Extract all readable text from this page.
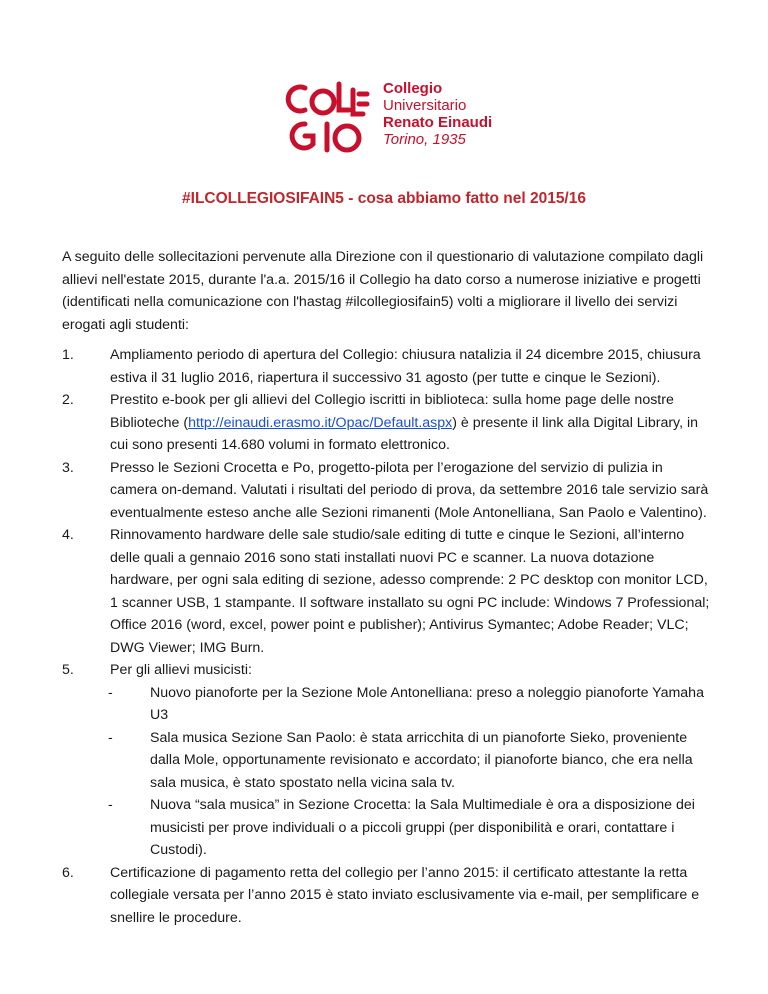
Collegio
Universitario
Renato Einaudi
Torino, 1935
#ILCOLLEGIOSIFAIN5 - cosa abbiamo fatto nel 2015/16

A seguito delle sollecitazioni pervenute alla Direzione con il questionario di valutazione compilato dagli allievi nell'estate 2015, durante l'a.a. 2015/16 il Collegio ha dato corso a numerose iniziative e progetti (identificati nella comunicazione con l'hastag #ilcollegiosifain5) volti a migliorare il livello dei servizi erogati agli studenti:

1.	Ampliamento periodo di apertura del Collegio: chiusura natalizia il 24 dicembre 2015, chiusura estiva il 31 luglio 2016, riapertura il successivo 31 agosto (per tutte e cinque le Sezioni).
2.	Prestito e-book per gli allievi del Collegio iscritti in biblioteca: sulla home page delle nostre Biblioteche (http://einaudi.erasmo.it/Opac/Default.aspx) è presente il link alla Digital Library, in cui sono presenti 14.680 volumi in formato elettronico.
3.	Presso le Sezioni Crocetta e Po, progetto-pilota per l’erogazione del servizio di pulizia in camera on-demand. Valutati i risultati del periodo di prova, da settembre 2016 tale servizio sarà eventualmente esteso anche alle Sezioni rimanenti (Mole Antonelliana, San Paolo e Valentino).
4.	Rinnovamento hardware delle sale studio/sale editing di tutte e cinque le Sezioni, all’interno delle quali a gennaio 2016 sono stati installati nuovi PC e scanner. La nuova dotazione hardware, per ogni sala editing di sezione, adesso comprende: 2 PC desktop con monitor LCD, 1 scanner USB, 1 stampante. Il software installato su ogni PC include: Windows 7 Professional; Office 2016 (word, excel, power point e publisher); Antivirus Symantec; Adobe Reader; VLC; DWG Viewer; IMG Burn.
5.	Per gli allievi musicisti:
-	Nuovo pianoforte per la Sezione Mole Antonelliana: preso a noleggio pianoforte Yamaha U3
-	Sala musica Sezione San Paolo: è stata arricchita di un pianoforte Sieko, proveniente dalla Mole, opportunamente revisionato e accordato; il pianoforte bianco, che era nella sala musica, è stato spostato nella vicina sala tv.
-	Nuova “sala musica” in Sezione Crocetta: la Sala Multimediale è ora a disposizione dei musicisti per prove individuali o a piccoli gruppi (per disponibilità e orari, contattare i Custodi).
6.	Certificazione di pagamento retta del collegio per l’anno 2015: il certificato attestante la retta collegiale versata per l’anno 2015 è stato inviato esclusivamente via e-mail, per semplificare e snellire le procedure.
